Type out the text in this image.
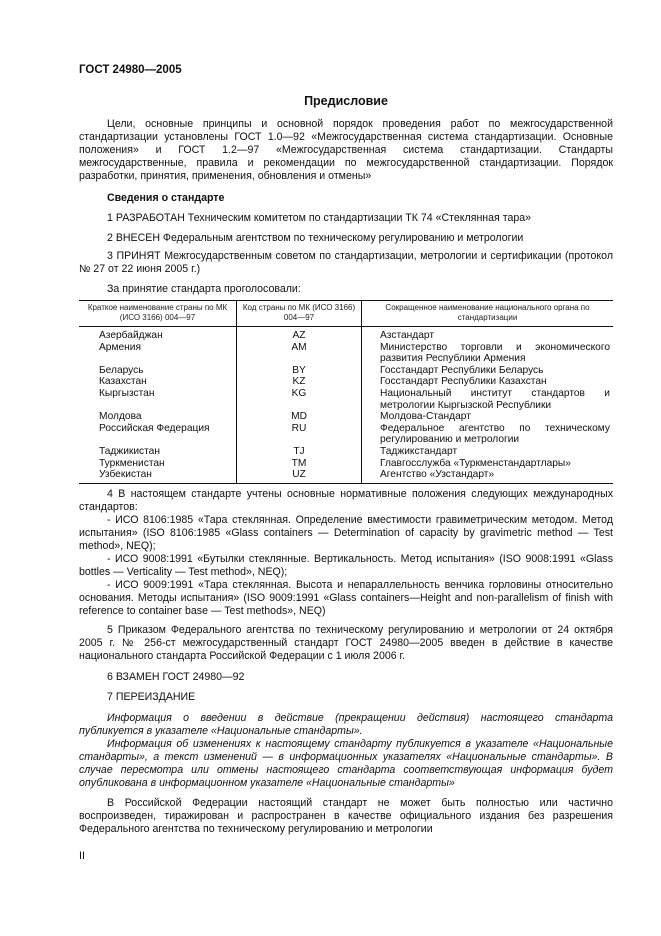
ГОСТ 24980—2005
Предисловие
Цели, основные принципы и основной порядок проведения работ по межгосударственной стандартизации установлены ГОСТ 1.0—92 «Межгосударственная система стандартизации. Основные положения» и ГОСТ 1.2—97 «Межгосударственная система стандартизации. Стандарты межгосударственные, правила и рекомендации по межгосударственной стандартизации. Порядок разработки, принятия, применения, обновления и отмены»
Сведения о стандарте
1 РАЗРАБОТАН Техническим комитетом по стандартизации ТК 74 «Стеклянная тара»
2 ВНЕСЕН Федеральным агентством по техническому регулированию и метрологии
3 ПРИНЯТ Межгосударственным советом по стандартизации, метрологии и сертификации (протокол № 27 от 22 июня 2005 г.)
За принятие стандарта проголосовали:
Краткое наименование страны по МК (ИСО 3166) 004—97	Код страны по МК (ИСО 3166) 004—97	Сокращенное наименование национального органа по стандартизации
Азербайджан	AZ	Азстандарт
Армения	AM	Министерство торговли и экономического развития Республики Армения
Беларусь	BY	Госстандарт Республики Беларусь
Казахстан	KZ	Госстандарт Республики Казахстан
Кыргызстан	KG	Национальный институт стандартов и метрологии Кыргызской Республики
Молдова	MD	Молдова-Стандарт
Российская Федерация	RU	Федеральное агентство по техническому регулированию и метрологии
Таджикистан	TJ	Таджикстандарт
Туркменистан	TM	Главгосслужба «Туркменстандартлары»
Узбекистан	UZ	Агентство «Узстандарт»
4 В настоящем стандарте учтены основные нормативные положения следующих международных стандартов:
- ИСО 8106:1985 «Тара стеклянная. Определение вместимости гравиметрическим методом. Метод испытания» (ISO 8106:1985 «Glass containers — Determination of capacity by gravimetric method — Test method», NEQ);
- ИСО 9008:1991 «Бутылки стеклянные. Вертикальность. Метод испытания» (ISO 9008:1991 «Glass bottles — Verticality — Test method», NEQ);
- ИСО 9009:1991 «Тара стеклянная. Высота и непараллельность венчика горловины относительно основания. Методы испытания» (ISO 9009:1991 «Glass containers—Height and non-parallelism of finish with reference to container base — Test methods», NEQ)
5 Приказом Федерального агентства по техническому регулированию и метрологии от 24 октября 2005 г. № 256-ст межгосударственный стандарт ГОСТ 24980—2005 введен в действие в качестве национального стандарта Российской Федерации с 1 июля 2006 г.
6 ВЗАМЕН ГОСТ 24980—92
7 ПЕРЕИЗДАНИЕ
Информация о введении в действие (прекращении действия) настоящего стандарта публикуется в указателе «Национальные стандарты».
Информация об изменениях к настоящему стандарту публикуется в указателе «Национальные стандарты», а текст изменений — в информационных указателях «Национальные стандарты». В случае пересмотра или отмены настоящего стандарта соответствующая информация будет опубликована в информационном указателе «Национальные стандарты»
В Российской Федерации настоящий стандарт не может быть полностью или частично воспроизведен, тиражирован и распространен в качестве официального издания без разрешения Федерального агентства по техническому регулированию и метрологии
II
